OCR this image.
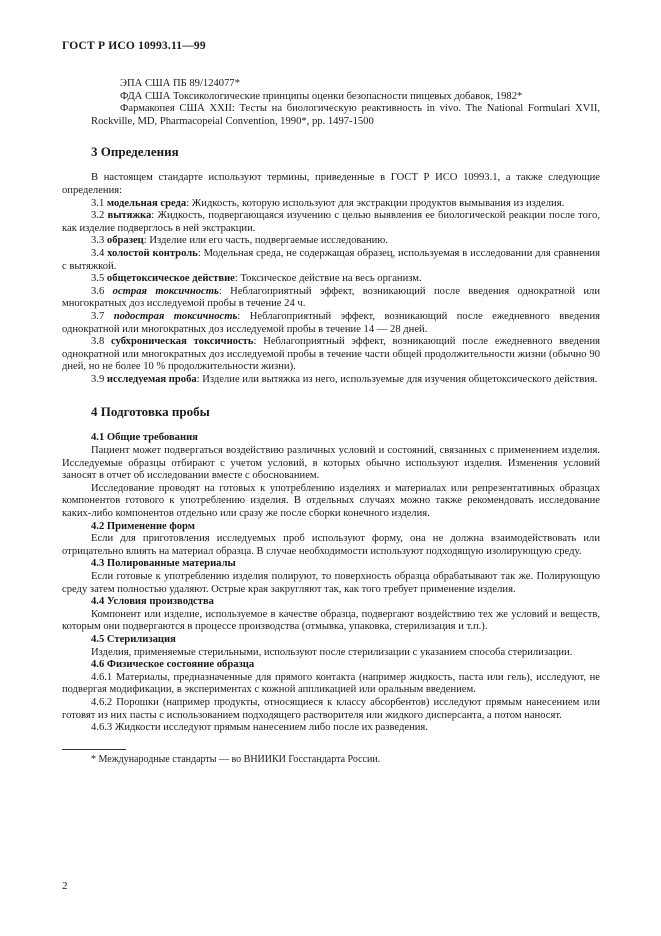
ГОСТ Р ИСО 10993.11—99

ЭПА США ПБ 89/124077*

ФДА США Токсикологические принципы оценки безопасности пищевых добавок, 1982*

Фармакопея США XXII: Тесты на биологическую реактивность in vivo. The National Formulari XVII, Rockville, MD, Pharmacopeial Convention, 1990*, pp. 1497-1500

3 Определения

В настоящем стандарте используют термины, приведенные в ГОСТ Р ИСО 10993.1, а также следующие определения:

3.1 модельная среда: Жидкость, которую используют для экстракции продуктов вымывания из изделия.

3.2 вытяжка: Жидкость, подвергающаяся изучению с целью выявления ее биологической реакции после того, как изделие подверглось в ней экстракции.

3.3 образец: Изделие или его часть, подвергаемые исследованию.

3.4 холостой контроль: Модельная среда, не содержащая образец, используемая в исследовании для сравнения с вытяжкой.

3.5 общетоксическое действие: Токсическое действие на весь организм.

3.6 острая токсичность: Неблагоприятный эффект, возникающий после введения однократной или многократных доз исследуемой пробы в течение 24 ч.

3.7 подострая токсичность: Неблагоприятный эффект, возникающий после ежедневного введения однократной или многократных доз исследуемой пробы в течение 14 — 28 дней.

3.8 субхроническая токсичность: Неблагоприятный эффект, возникающий после ежедневного введения однократной или многократных доз исследуемой пробы в течение части общей продолжительности жизни (обычно 90 дней, но не более 10 % продолжительности жизни).

3.9 исследуемая проба: Изделие или вытяжка из него, используемые для изучения общетоксического действия.

4 Подготовка пробы
4.1 Общие требования

Пациент может подвергаться воздействию различных условий и состояний, связанных с применением изделия. Исследуемые образцы отбирают с учетом условий, в которых обычно используют изделия. Изменения условий заносят в отчет об исследовании вместе с обоснованием.

Исследование проводят на готовых к употреблению изделиях и материалах или репрезентативных образцах компонентов готового к употреблению изделия. В отдельных случаях можно также рекомендовать исследование каких-либо компонентов отдельно или сразу же после сборки конечного изделия.

4.2 Применение форм

Если для приготовления исследуемых проб используют форму, она не должна взаимодействовать или отрицательно влиять на материал образца. В случае необходимости используют подходящую изолирующую среду.

4.3 Полированные материалы

Если готовые к употреблению изделия полируют, то поверхность образца обрабатывают так же. Полирующую среду затем полностью удаляют. Острые края закругляют так, как того требует применение изделия.

4.4 Условия производства

Компонент или изделие, используемое в качестве образца, подвергают воздействию тех же условий и веществ, которым они подвергаются в процессе производства (отмывка, упаковка, стерилизация и т.п.).

4.5 Стерилизация

Изделия, применяемые стерильными, используют после стерилизации с указанием способа стерилизации.

4.6 Физическое состояние образца

4.6.1 Материалы, предназначенные для прямого контакта (например жидкость, паста или гель), исследуют, не подвергая модификации, в экспериментах с кожной аппликацией или оральным введением.

4.6.2 Порошки (например продукты, относящиеся к классу абсорбентов) исследуют прямым нанесением или готовят из них пасты с использованием подходящего растворителя или жидкого дисперсанта, а потом наносят.

4.6.3 Жидкости исследуют прямым нанесением либо после их разведения.

* Международные стандарты — во ВНИИКИ Госстандарта России.
2
